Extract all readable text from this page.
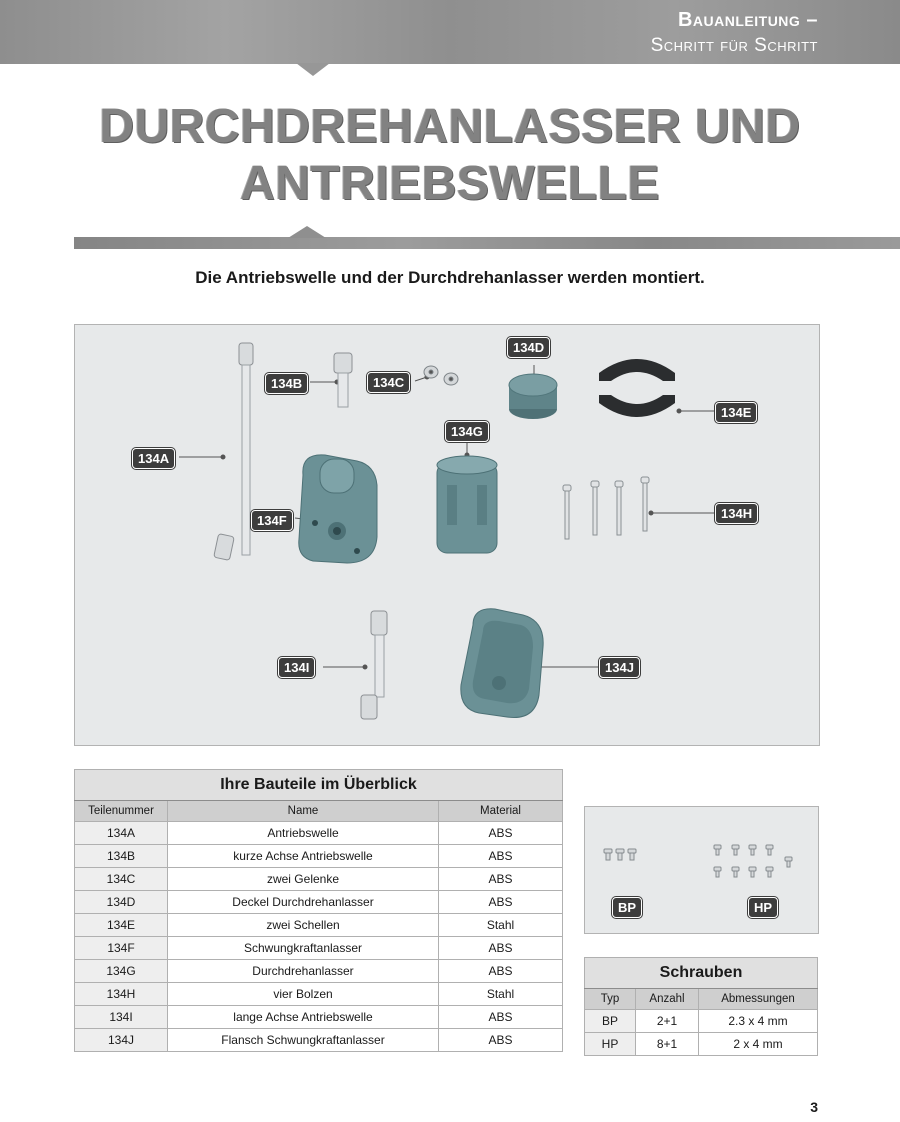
Bauanleitung –
Schritt für Schritt
DURCHDREHANLASSER UND
ANTRIEBSWELLE
Die Antriebswelle und der Durchdrehanlasser werden montiert.
134A
134B	134C
134D
134E
134F
134G
134H
134I	134J
Ihre Bauteile im Überblick		
Teilenummer	Name	Material
134A	Antriebswelle	ABS
134B	kurze Achse Antriebswelle	ABS
134C	zwei Gelenke	ABS
134D	Deckel Durchdrehanlasser	ABS
134E	zwei Schellen	Stahl
134F	Schwungkraftanlasser	ABS
134G	Durchdrehanlasser	ABS
134H	vier Bolzen	Stahl
134I	lange Achse Antriebswelle	ABS
134J	Flansch Schwungkraftanlasser	ABS
BP	HP
Schrauben		
Typ	Anzahl	Abmessungen
BP	2+1	2.3 x 4 mm
HP	8+1	2 x 4 mm
3
